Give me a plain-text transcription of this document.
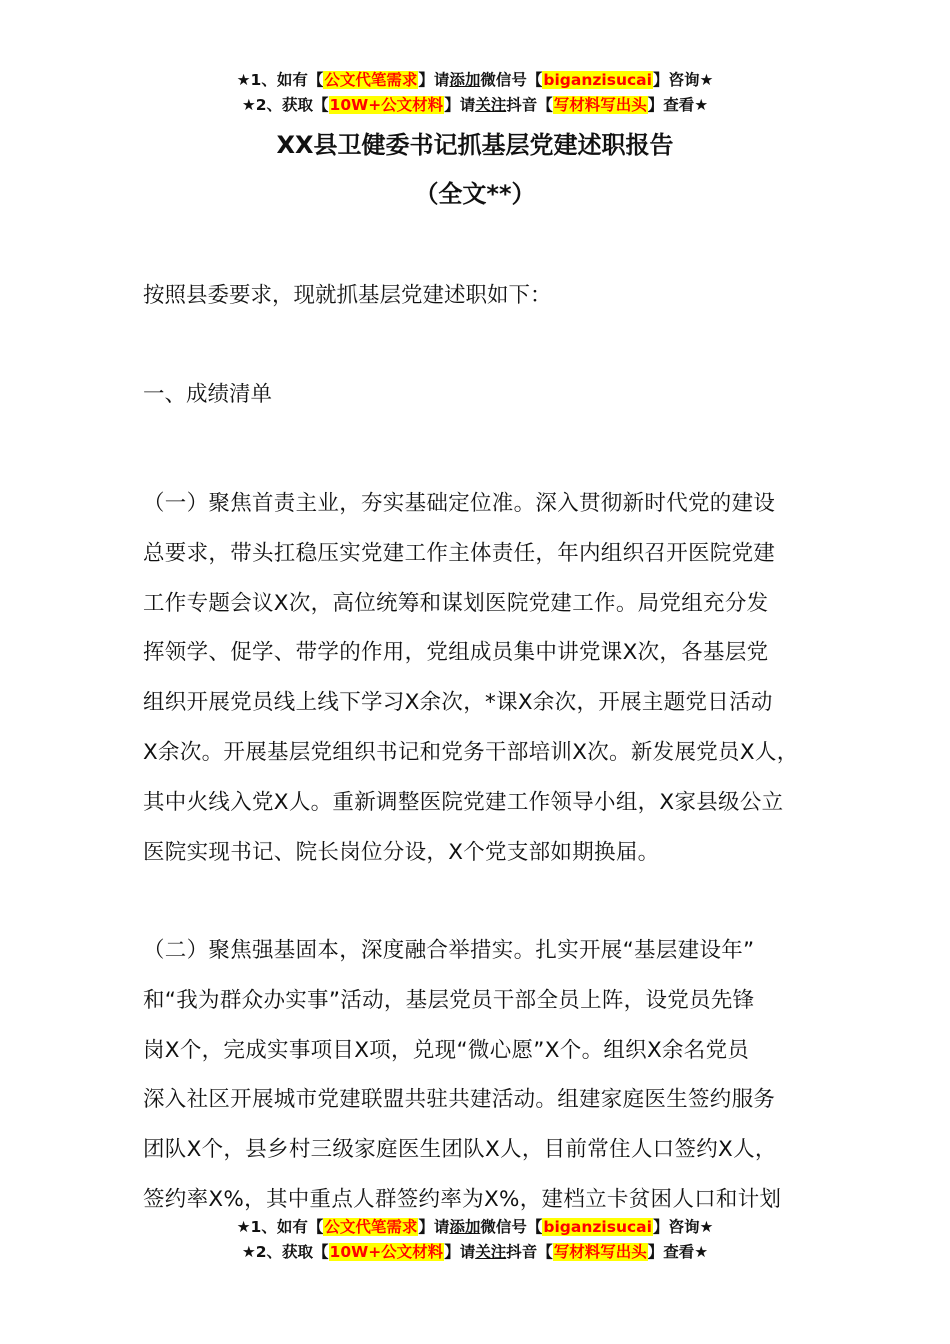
★1、如有【公文代笔需求】请添加微信号【biganzisucai】咨询★
★2、获取【10W+公文材料】请关注抖音【写材料写出头】查看★
XX县卫健委书记抓基层党建述职报告
（全文**）
按照县委要求，现就抓基层党建述职如下：
一、成绩清单

（一）聚焦首责主业，夯实基础定位准。深入贯彻新时代党的建设

总要求，带头扛稳压实党建工作主体责任，年内组织召开医院党建

工作专题会议X次，高位统筹和谋划医院党建工作。局党组充分发

挥领学、促学、带学的作用，党组成员集中讲党课X次，各基层党

组织开展党员线上线下学习X余次，*课X余次，开展主题党日活动

X余次。开展基层党组织书记和党务干部培训X次。新发展党员X人，

其中火线入党X人。重新调整医院党建工作领导小组，X家县级公立

医院实现书记、院长岗位分设，X个党支部如期换届。

（二）聚焦强基固本，深度融合举措实。扎实开展“基层建设年”

和“我为群众办实事”活动，基层党员干部全员上阵，设党员先锋

岗X个，完成实事项目X项，兑现“微心愿”X个。组织X余名党员

深入社区开展城市党建联盟共驻共建活动。组建家庭医生签约服务

团队X个，县乡村三级家庭医生团队X人，目前常住人口签约X人，

签约率X%，其中重点人群签约率为X%，建档立卡贫困人口和计划

★1、如有【公文代笔需求】请添加微信号【biganzisucai】咨询★
★2、获取【10W+公文材料】请关注抖音【写材料写出头】查看★
